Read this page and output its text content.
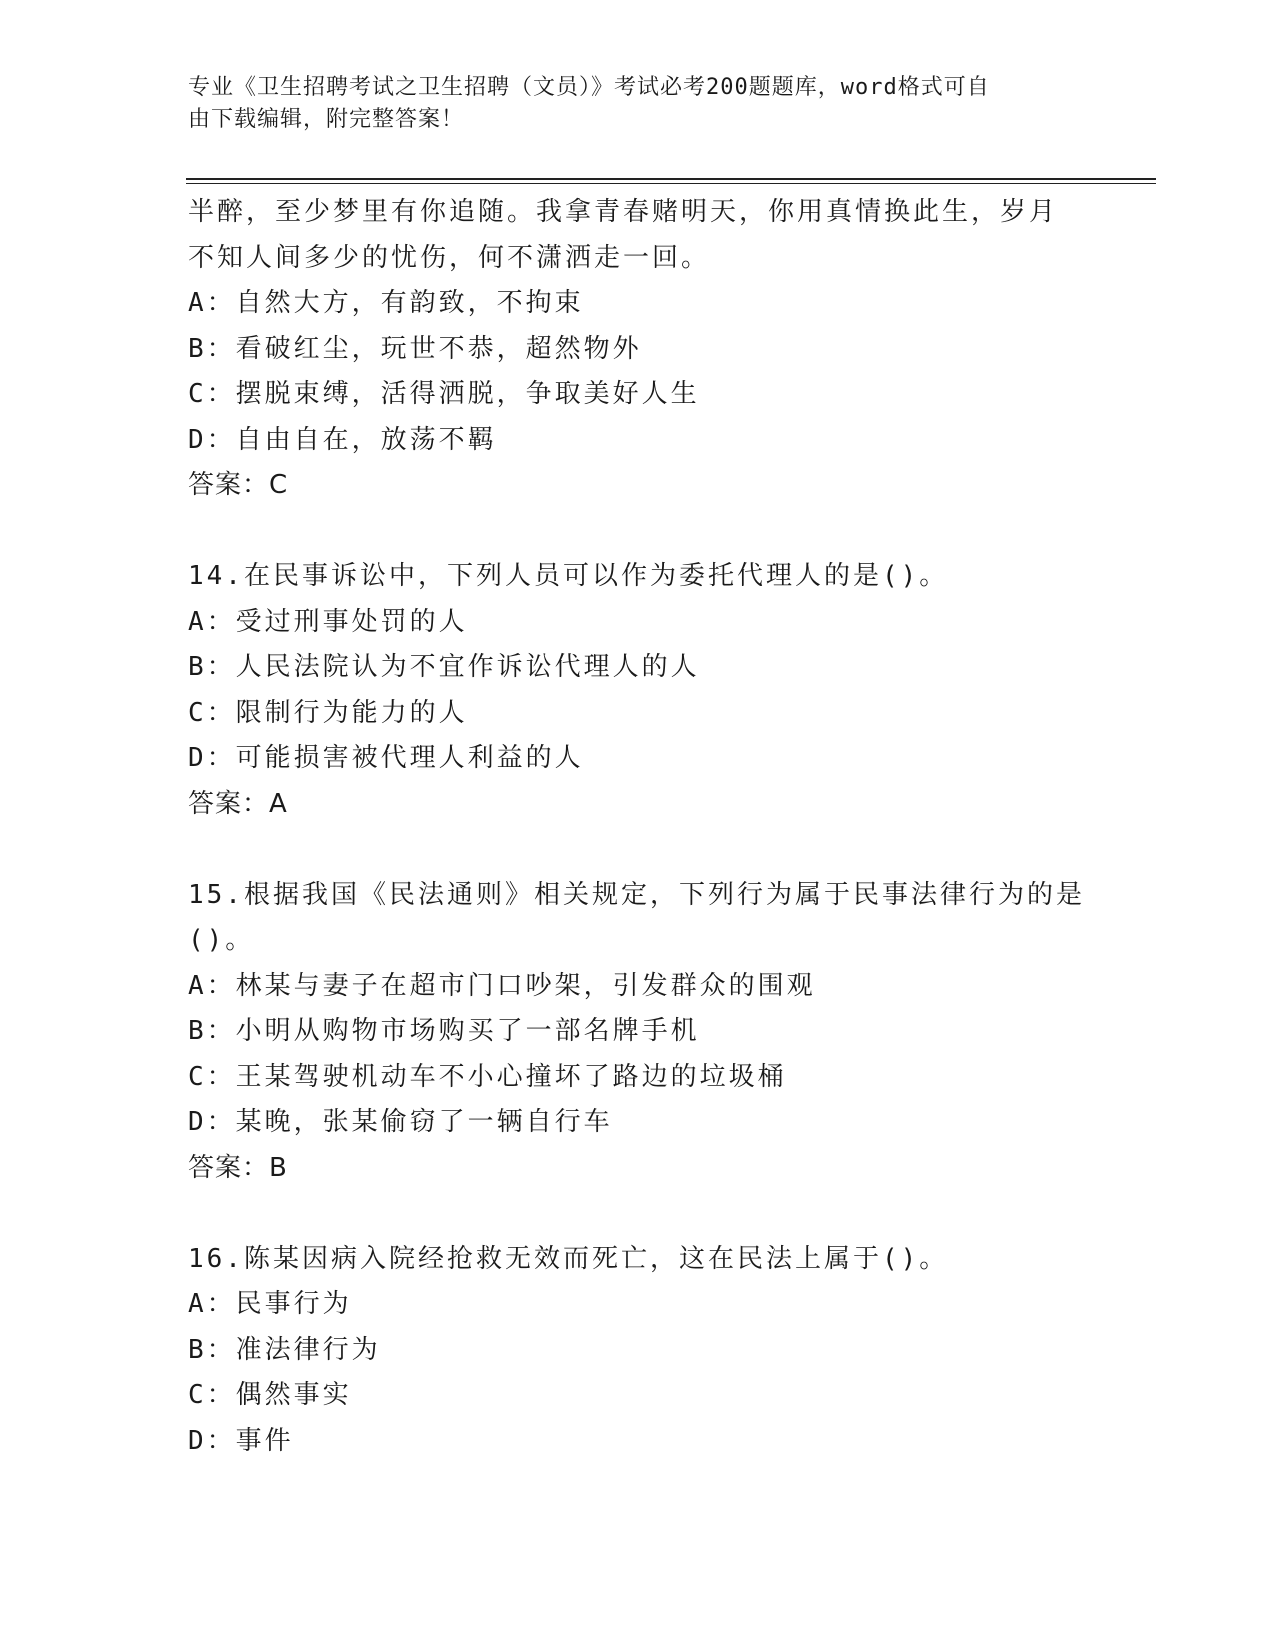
专业《卫生招聘考试之卫生招聘（文员）》考试必考200题题库，word格式可自
由下载编辑，附完整答案！
半醉，至少梦里有你追随。我拿青春赌明天，你用真情换此生，岁月
不知人间多少的忧伤，何不潇洒走一回。
A：自然大方，有韵致，不拘束
B：看破红尘，玩世不恭，超然物外
C：摆脱束缚，活得洒脱，争取美好人生
D：自由自在，放荡不羁
答案：C
14.在民事诉讼中，下列人员可以作为委托代理人的是()。
A：受过刑事处罚的人
B：人民法院认为不宜作诉讼代理人的人
C：限制行为能力的人
D：可能损害被代理人利益的人
答案：A
15.根据我国《民法通则》相关规定，下列行为属于民事法律行为的是
()。
A：林某与妻子在超市门口吵架，引发群众的围观
B：小明从购物市场购买了一部名牌手机
C：王某驾驶机动车不小心撞坏了路边的垃圾桶
D：某晚，张某偷窃了一辆自行车
答案：B
16.陈某因病入院经抢救无效而死亡，这在民法上属于()。
A：民事行为
B：准法律行为
C：偶然事实
D：事件
